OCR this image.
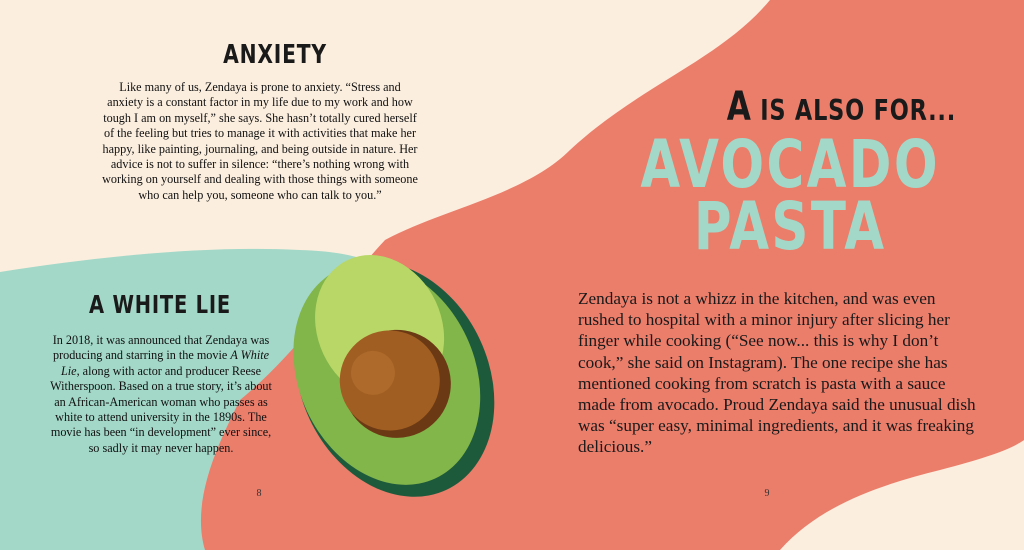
ANXIETY

Like many of us, Zendaya is prone to anxiety. “Stress and anxiety is a constant factor in my life due to my work and how tough I am on myself,” she says. She hasn’t totally cured herself of the feeling but tries to manage it with activities that make her happy, like painting, journaling, and being outside in nature. Her advice is not to suffer in silence: “there’s nothing wrong with working on yourself and dealing with those things with someone who can help you, someone who can talk to you.”

A WHITE LIE

In 2018, it was announced that Zendaya was producing and starring in the movie A White Lie, along with actor and producer Reese Witherspoon. Based on a true story, it’s about an African-American woman who passes as white to attend university in the 1890s. The movie has been “in development” ever since, so sadly it may never happen.

8
A IS ALSO FOR...
AVOCADO PASTA

Zendaya is not a whizz in the kitchen, and was even rushed to hospital with a minor injury after slicing her finger while cooking (“See now... this is why I don’t cook,” she said on Instagram). The one recipe she has mentioned cooking from scratch is pasta with a sauce made from avocado. Proud Zendaya said the unusual dish was “super easy, minimal ingredients, and it was freaking delicious.”

9
